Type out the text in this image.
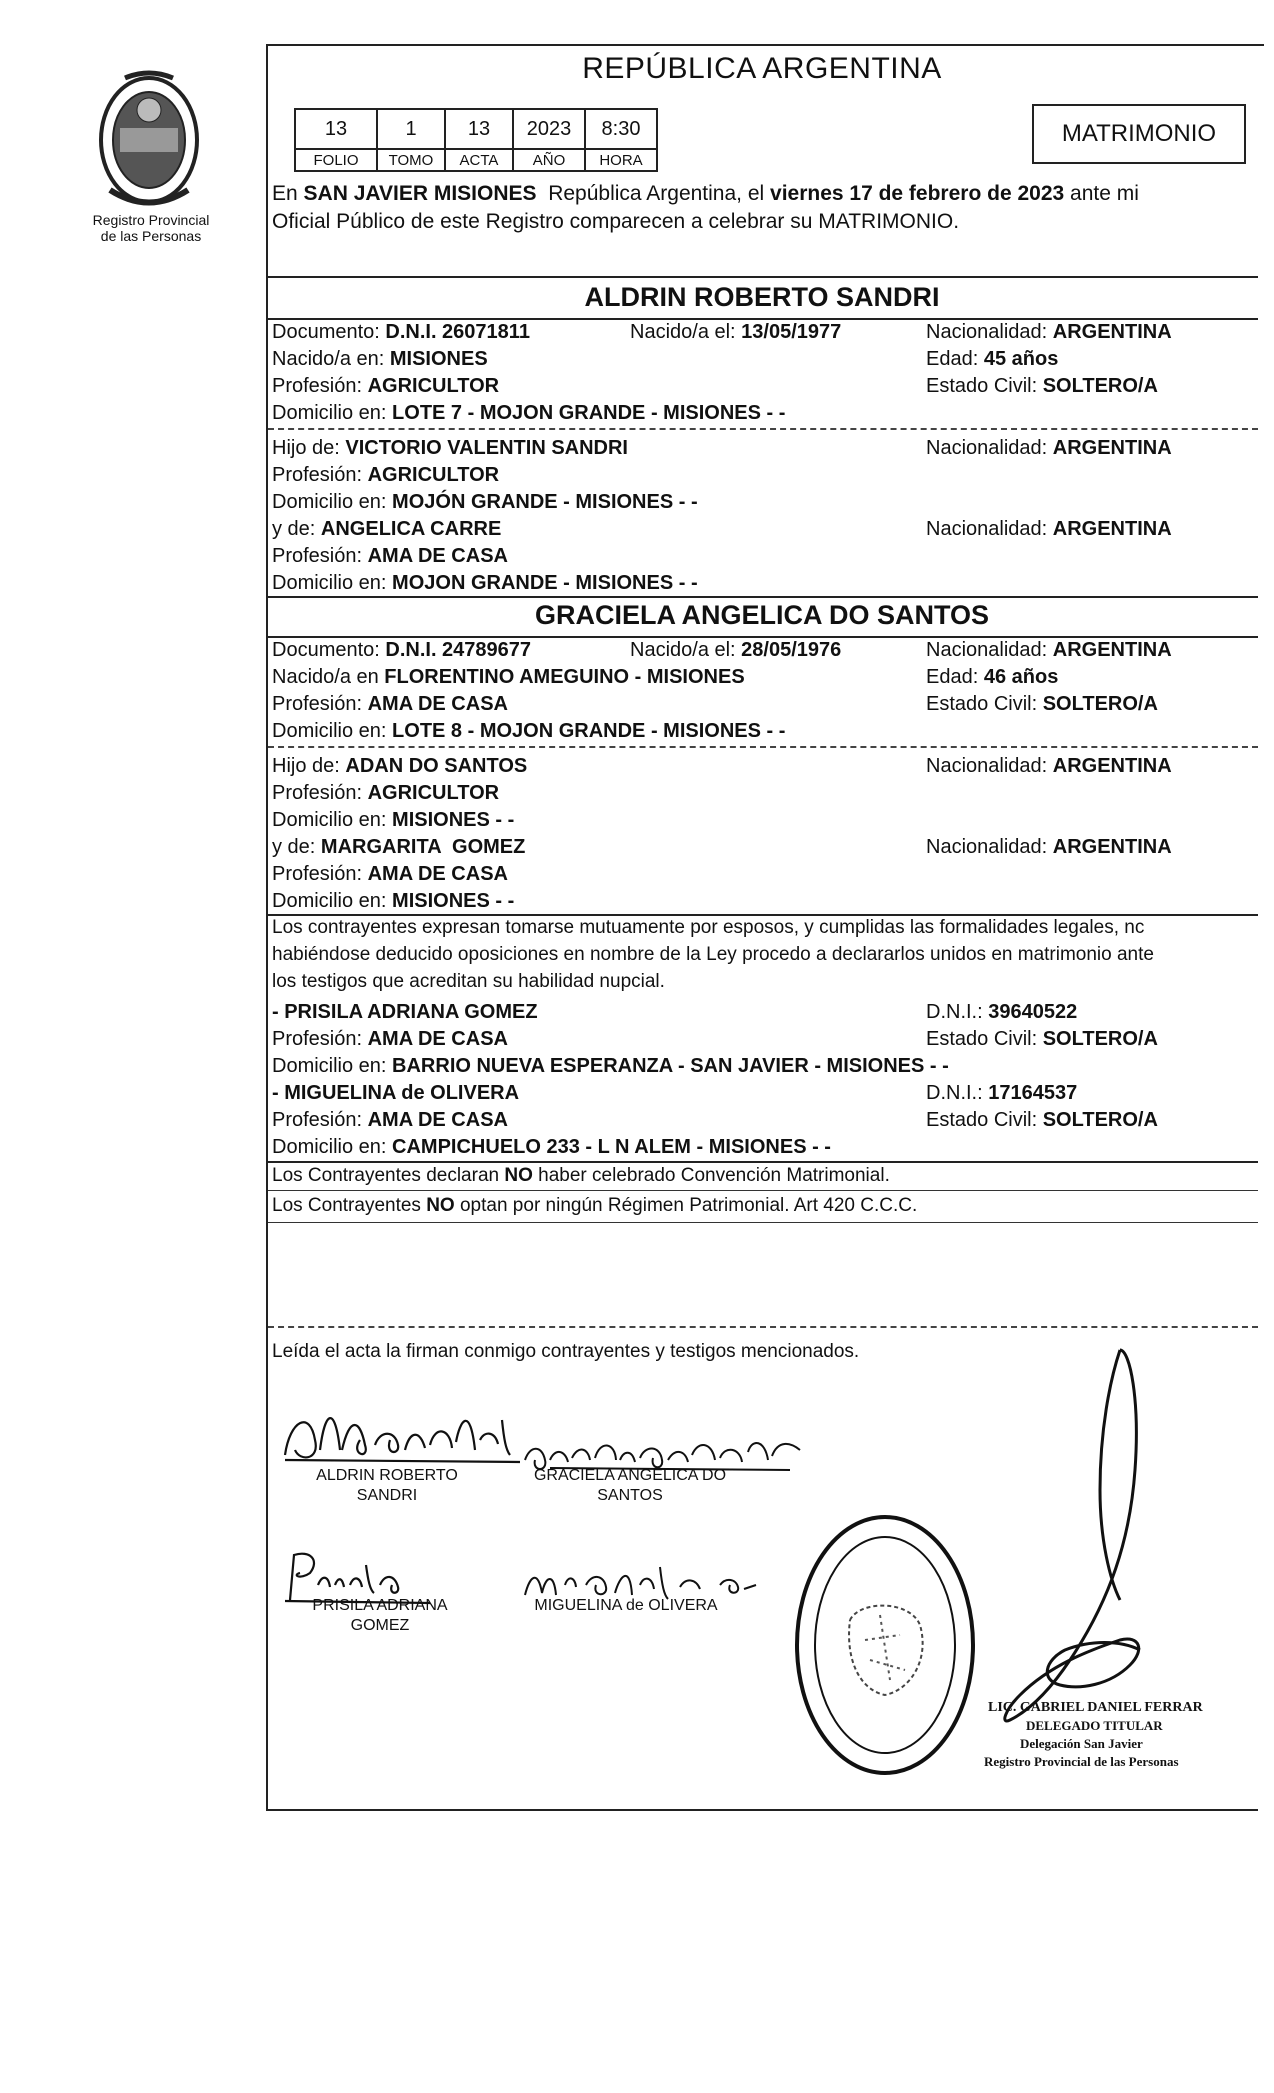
Registro Provincial
de las Personas
REPÚBLICA ARGENTINA
13	1	13	2023	8:30
FOLIO	TOMO	ACTA	AÑO	HORA
MATRIMONIO
En SAN JAVIER MISIONES  República Argentina, el viernes 17 de febrero de 2023 ante mi
Oficial Público de este Registro comparecen a celebrar su MATRIMONIO.
ALDRIN ROBERTO SANDRI
Documento: D.N.I. 26071811	Nacido/a el: 13/05/1977	Nacionalidad: ARGENTINA
Nacido/a en: MISIONES	Edad: 45 años
Profesión: AGRICULTOR	Estado Civil: SOLTERO/A
Domicilio en: LOTE 7 - MOJON GRANDE - MISIONES - -
Hijo de: VICTORIO VALENTIN SANDRI	Nacionalidad: ARGENTINA
Profesión: AGRICULTOR
Domicilio en: MOJÓN GRANDE - MISIONES - -
y de: ANGELICA CARRE	Nacionalidad: ARGENTINA
Profesión: AMA DE CASA
Domicilio en: MOJON GRANDE - MISIONES - -
GRACIELA ANGELICA DO SANTOS
Documento: D.N.I. 24789677	Nacido/a el: 28/05/1976	Nacionalidad: ARGENTINA
Nacido/a en FLORENTINO AMEGUINO - MISIONES	Edad: 46 años
Profesión: AMA DE CASA	Estado Civil: SOLTERO/A
Domicilio en: LOTE 8 - MOJON GRANDE - MISIONES - -
Hijo de: ADAN DO SANTOS	Nacionalidad: ARGENTINA
Profesión: AGRICULTOR
Domicilio en: MISIONES - -
y de: MARGARITA  GOMEZ	Nacionalidad: ARGENTINA
Profesión: AMA DE CASA
Domicilio en: MISIONES - -
Los contrayentes expresan tomarse mutuamente por esposos, y cumplidas las formalidades legales, nc
habiéndose deducido oposiciones en nombre de la Ley procedo a declararlos unidos en matrimonio ante
los testigos que acreditan su habilidad nupcial.
- PRISILA ADRIANA GOMEZ	D.N.I.: 39640522
Profesión: AMA DE CASA	Estado Civil: SOLTERO/A
Domicilio en: BARRIO NUEVA ESPERANZA - SAN JAVIER - MISIONES - -
- MIGUELINA de OLIVERA	D.N.I.: 17164537
Profesión: AMA DE CASA	Estado Civil: SOLTERO/A
Domicilio en: CAMPICHUELO 233 - L N ALEM - MISIONES - -
Los Contrayentes declaran NO haber celebrado Convención Matrimonial.
Los Contrayentes NO optan por ningún Régimen Patrimonial. Art 420 C.C.C.
Leída el acta la firman conmigo contrayentes y testigos mencionados.
ALDRIN ROBERTO
SANDRI
GRACIELA ANGELICA DO
SANTOS
PRISILA ADRIANA
GOMEZ
MIGUELINA de OLIVERA
LIC. GABRIEL DANIEL FERRAR
DELEGADO TITULAR
Delegación San Javier
Registro Provincial de las Personas
